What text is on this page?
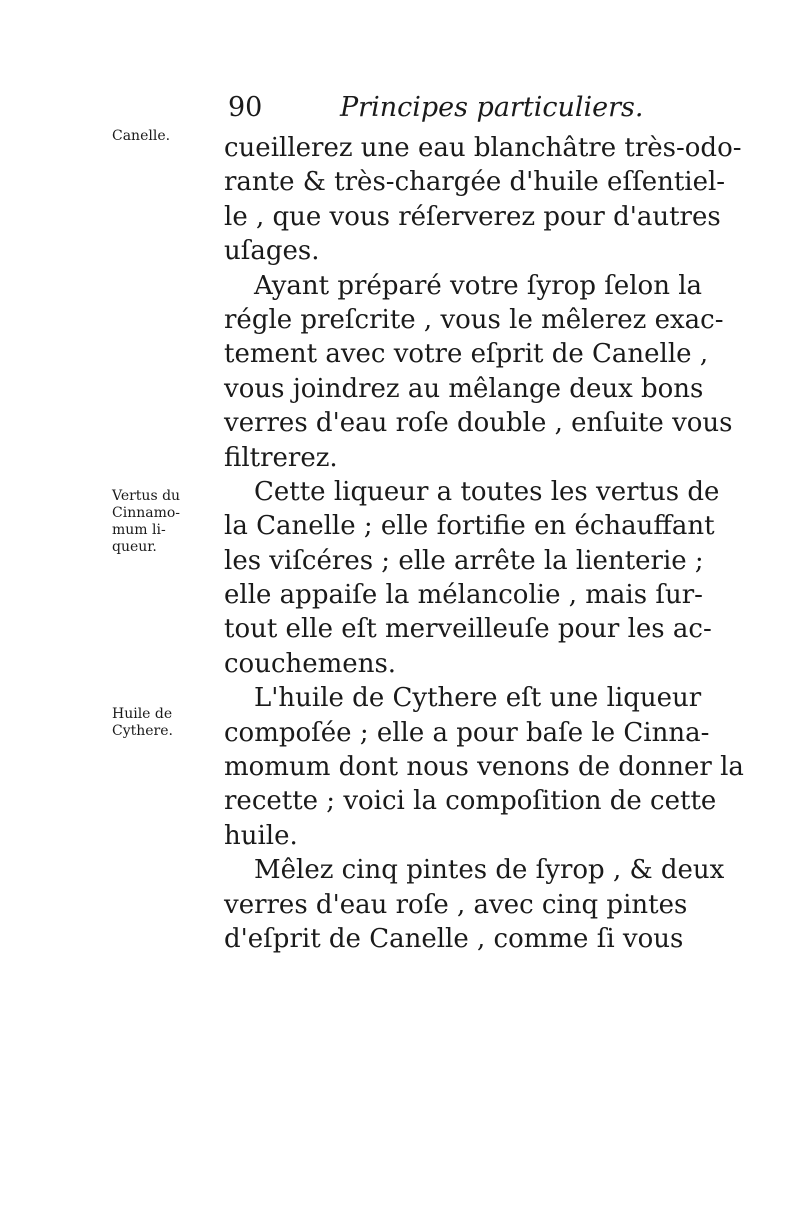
90	Principes particuliers.
Canelle.
Vertus du
Cinnamo-
mum li-
queur.
Huile de
Cythere.
cueillerez une eau blanchâtre très-odo-
rante & très-chargée d'huile eſſentiel-
le , que vous réſerverez pour d'autres
uſages.
Ayant préparé votre ſyrop ſelon la
régle preſcrite , vous le mêlerez exac-
tement avec votre eſprit de Canelle ,
vous joindrez au mêlange deux bons
verres d'eau roſe double , enſuite vous
filtrerez.
Cette liqueur a toutes les vertus de
la Canelle ; elle fortifie en échauffant
les viſcéres ; elle arrête la lienterie ;
elle appaiſe la mélancolie , mais ſur-
tout elle eſt merveilleuſe pour les ac-
couchemens.
L'huile de Cythere eſt une liqueur
compoſée ; elle a pour baſe le Cinna-
momum dont nous venons de donner la
recette ; voici la compoſition de cette
huile.
Mêlez cinq pintes de ſyrop , & deux
verres d'eau roſe , avec cinq pintes
d'eſprit de Canelle , comme ſi vous
